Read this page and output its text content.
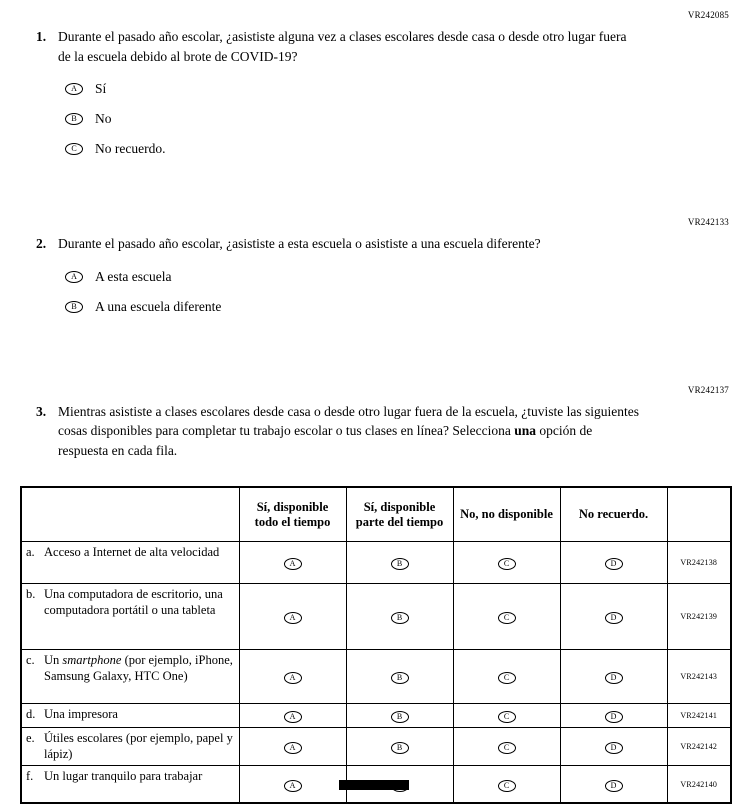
VR242085
1. Durante el pasado año escolar, ¿asististe alguna vez a clases escolares desde casa o desde otro lugar fuera de la escuela debido al brote de COVID-19?
A	Sí
B	No
C	No recuerdo.
VR242133
2. Durante el pasado año escolar, ¿asististe a esta escuela o asististe a una escuela diferente?
A	A esta escuela
B	A una escuela diferente
VR242137
3. Mientras asististe a clases escolares desde casa o desde otro lugar fuera de la escuela, ¿tuviste las siguientes cosas disponibles para completar tu trabajo escolar o tus clases en línea? Selecciona una opción de respuesta en cada fila.
	Sí, disponible todo el tiempo	Sí, disponible parte del tiempo	No, no disponible	No recuerdo.	

a. Acceso a Internet de alta velocidad	A	B	C	D	VR242138

b. Una computadora de escritorio, una computadora portátil o una tableta	A	B	C	D	VR242139

c. Un smartphone (por ejemplo, iPhone, Samsung Galaxy, HTC One)	A	B	C	D	VR242143

d. Una impresora	A	B	C	D	VR242141

e. Útiles escolares (por ejemplo, papel y lápiz)	A	B	C	D	VR242142

f. Un lugar tranquilo para trabajar	A		C	D	VR242140
